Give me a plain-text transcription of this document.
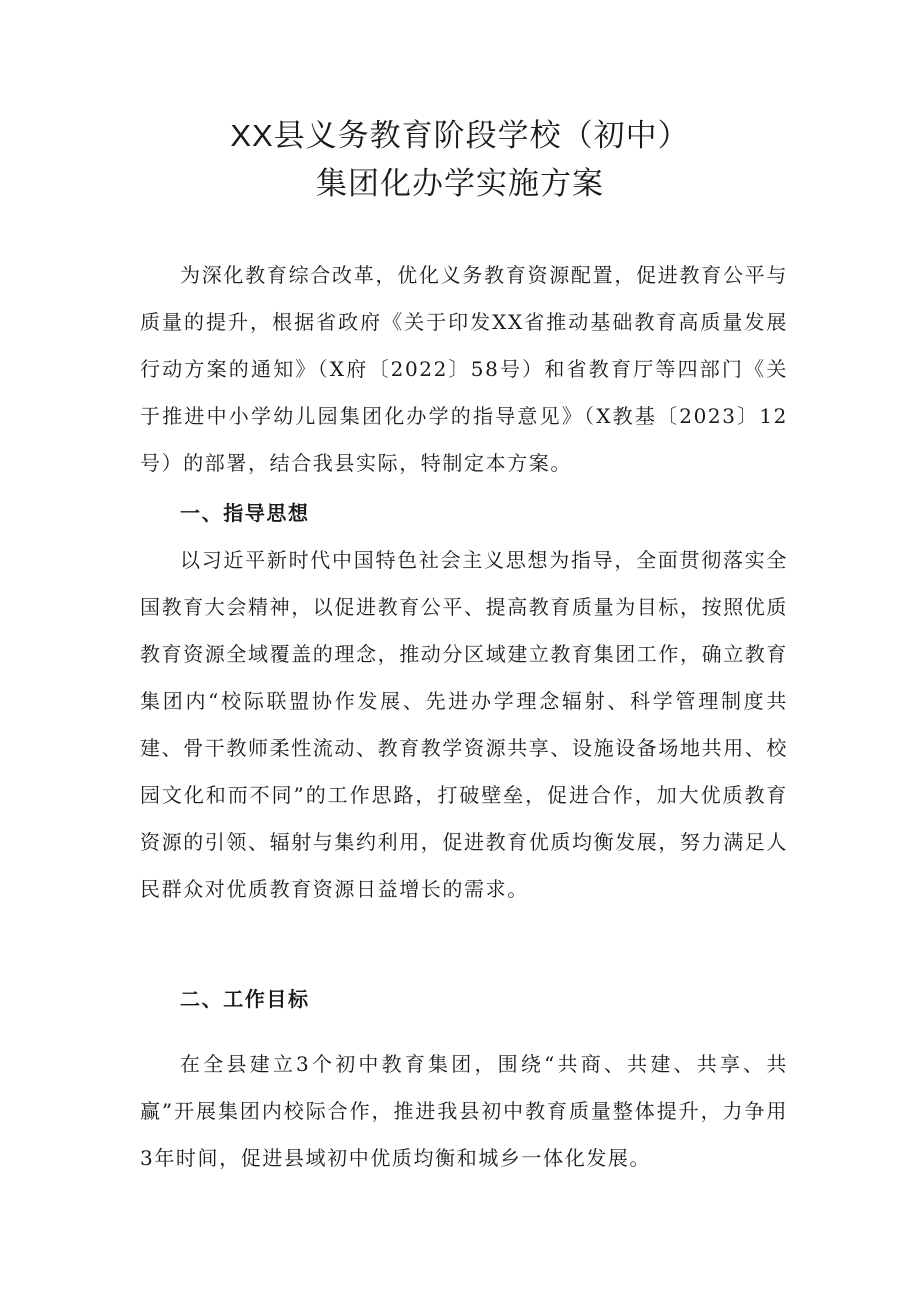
XX县义务教育阶段学校（初中）
集团化办学实施方案

为深化教育综合改革，优化义务教育资源配置，促进教育公平与质量的提升，根据省政府《关于印发XX省推动基础教育高质量发展行动方案的通知》（X府〔2022〕58号）和省教育厅等四部门《关于推进中小学幼儿园集团化办学的指导意见》（X教基〔2023〕12号）的部署，结合我县实际，特制定本方案。

一、指导思想

以习近平新时代中国特色社会主义思想为指导，全面贯彻落实全国教育大会精神，以促进教育公平、提高教育质量为目标，按照优质教育资源全域覆盖的理念，推动分区域建立教育集团工作，确立教育集团内“校际联盟协作发展、先进办学理念辐射、科学管理制度共建、骨干教师柔性流动、教育教学资源共享、设施设备场地共用、校园文化和而不同”的工作思路，打破壁垒，促进合作，加大优质教育资源的引领、辐射与集约利用，促进教育优质均衡发展，努力满足人民群众对优质教育资源日益增长的需求。

二、工作目标

在全县建立3个初中教育集团，围绕“共商、共建、共享、共赢”开展集团内校际合作，推进我县初中教育质量整体提升，力争用3年时间，促进县域初中优质均衡和城乡一体化发展。
